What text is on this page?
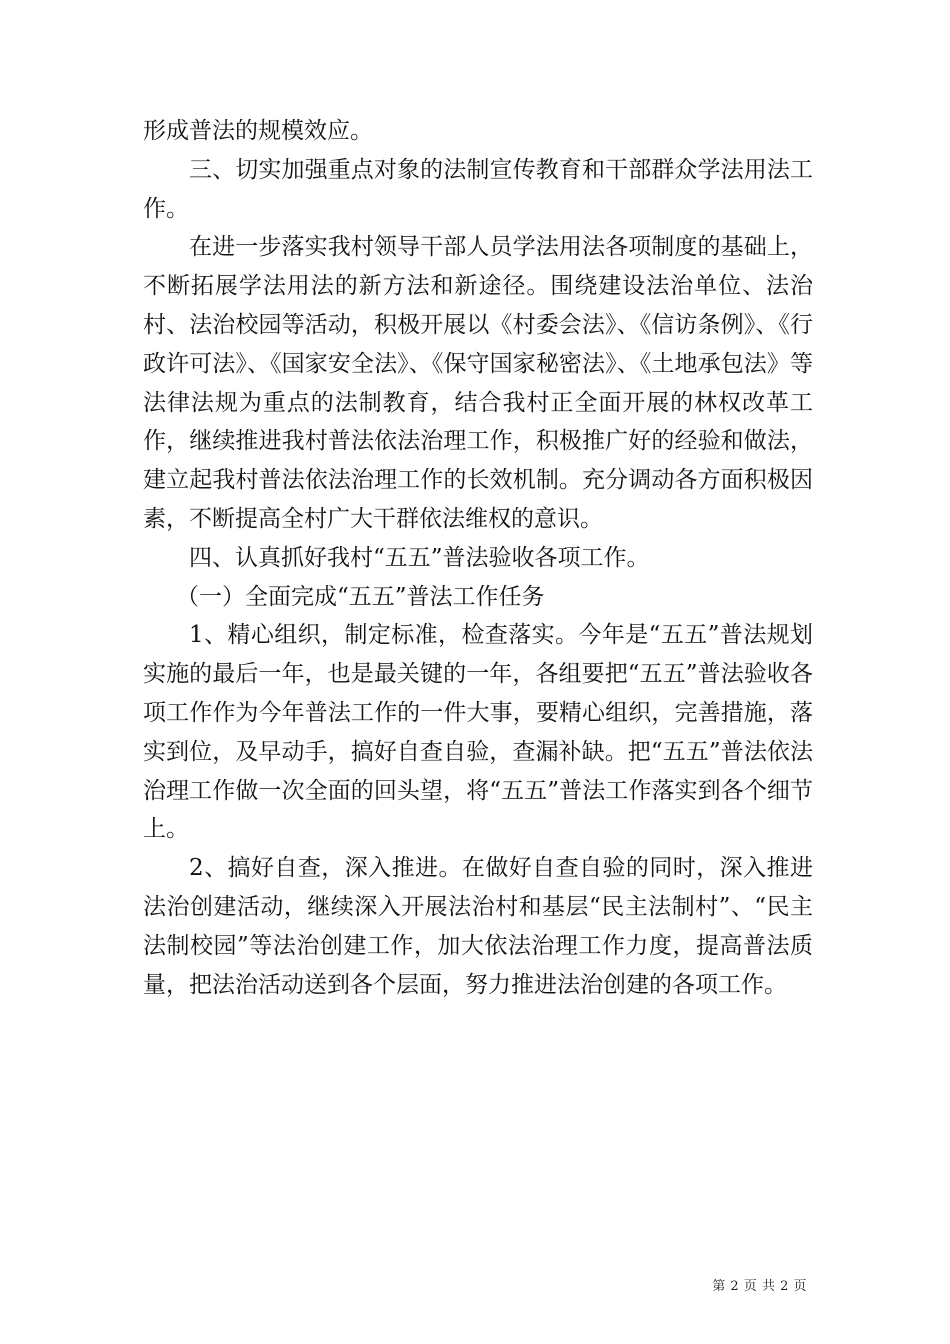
形成普法的规模效应。

三、切实加强重点对象的法制宣传教育和干部群众学法用法工作。

在进一步落实我村领导干部人员学法用法各项制度的基础上，不断拓展学法用法的新方法和新途径。围绕建设法治单位、法治村、法治校园等活动，积极开展以《村委会法》、《信访条例》、《行政许可法》、《国家安全法》、《保守国家秘密法》、《土地承包法》等法律法规为重点的法制教育，结合我村正全面开展的林权改革工作，继续推进我村普法依法治理工作，积极推广好的经验和做法，建立起我村普法依法治理工作的长效机制。充分调动各方面积极因素，不断提高全村广大干群依法维权的意识。

四、认真抓好我村“五五”普法验收各项工作。

（一）全面完成“五五”普法工作任务

1、精心组织，制定标准，检查落实。今年是“五五”普法规划实施的最后一年，也是最关键的一年，各组要把“五五”普法验收各项工作作为今年普法工作的一件大事，要精心组织，完善措施，落实到位，及早动手，搞好自查自验，查漏补缺。把“五五”普法依法治理工作做一次全面的回头望，将“五五”普法工作落实到各个细节上。

2、搞好自查，深入推进。在做好自查自验的同时，深入推进法治创建活动，继续深入开展法治村和基层“民主法制村”、“民主法制校园”等法治创建工作，加大依法治理工作力度，提高普法质量，把法治活动送到各个层面，努力推进法治创建的各项工作。

第 2 页 共 2 页
